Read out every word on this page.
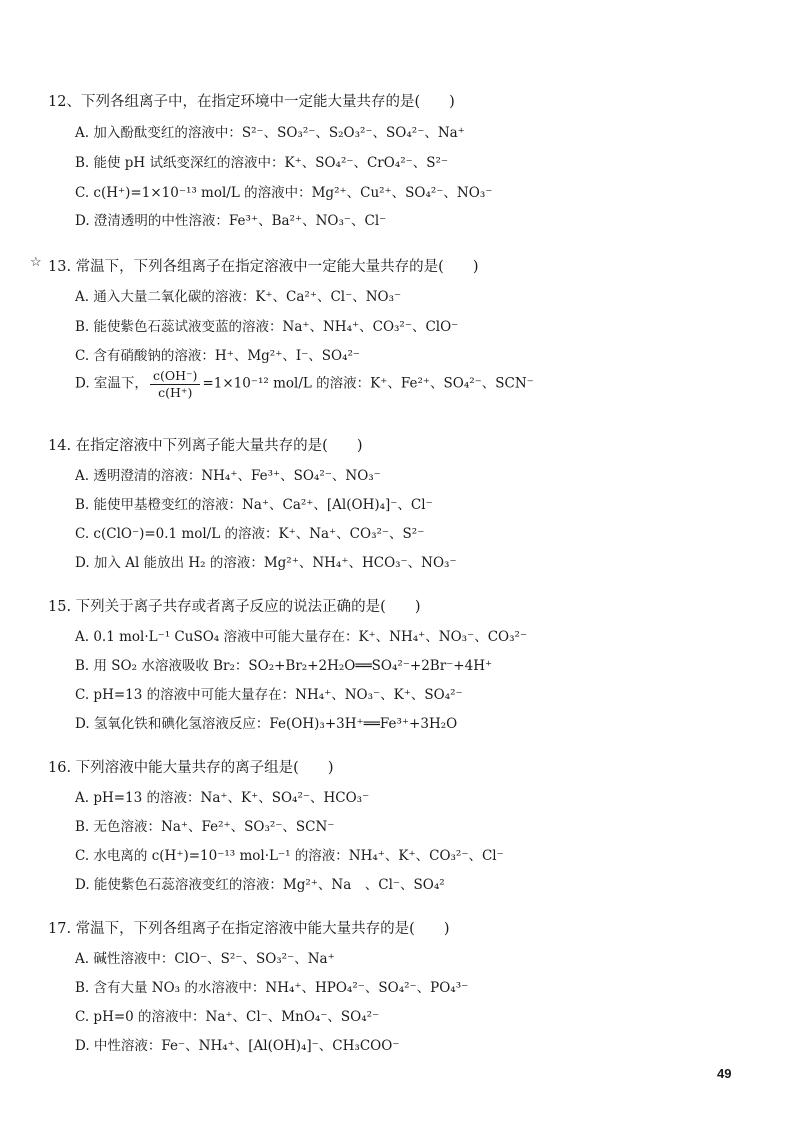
12、下列各组离子中，在指定环境中一定能大量共存的是(　　)
A. 加入酚酞变红的溶液中：S²⁻、SO₃²⁻、S₂O₃²⁻、SO₄²⁻、Na⁺
B. 能使 pH 试纸变深红的溶液中：K⁺、SO₄²⁻、CrO₄²⁻、S²⁻
C. c(H⁺)=1×10⁻¹³ mol/L 的溶液中：Mg²⁺、Cu²⁺、SO₄²⁻、NO₃⁻
D. 澄清透明的中性溶液：Fe³⁺、Ba²⁺、NO₃⁻、Cl⁻
☆ 13. 常温下，下列各组离子在指定溶液中一定能大量共存的是(　　)
A. 通入大量二氧化碳的溶液：K⁺、Ca²⁺、Cl⁻、NO₃⁻
B. 能使紫色石蕊试液变蓝的溶液：Na⁺、NH₄⁺、CO₃²⁻、ClO⁻
C. 含有硝酸钠的溶液：H⁺、Mg²⁺、I⁻、SO₄²⁻
D. 室温下， $\frac{c(OH^-)}{c(H^+)} =1\times 10^{-12}$ mol/L 的溶液：K⁺、Fe²⁺、SO₄²⁻、SCN⁻
14. 在指定溶液中下列离子能大量共存的是(　　)
A. 透明澄清的溶液：NH₄⁺、Fe³⁺、SO₄²⁻、NO₃⁻
B. 能使甲基橙变红的溶液：Na⁺、Ca²⁺、[Al(OH)₄]⁻、Cl⁻
C. c(ClO⁻)=0.1 mol/L 的溶液：K⁺、Na⁺、CO₃²⁻、S²⁻
D. 加入 Al 能放出 H₂ 的溶液：Mg²⁺、NH₄⁺、HCO₃⁻、NO₃⁻
15. 下列关于离子共存或者离子反应的说法正确的是(　　)
A. 0.1 mol·L⁻¹ CuSO₄ 溶液中可能大量存在：K⁺、NH₄⁺、NO₃⁻、CO₃²⁻
B. 用 SO₂ 水溶液吸收 Br₂：SO₂+Br₂+2H₂O══SO₄²⁻+2Br⁻+4H⁺
C. pH=13 的溶液中可能大量存在：NH₄⁺、NO₃⁻、K⁺、SO₄²⁻
D. 氢氧化铁和碘化氢溶液反应：Fe(OH)₃+3H⁺══Fe³⁺+3H₂O
16. 下列溶液中能大量共存的离子组是(　　)
A. pH=13 的溶液：Na⁺、K⁺、SO₄²⁻、HCO₃⁻
B. 无色溶液：Na⁺、Fe²⁺、SO₃²⁻、SCN⁻
C. 水电离的 c(H⁺)=10⁻¹³ mol·L⁻¹ 的溶液：NH₄⁺、K⁺、CO₃²⁻、Cl⁻
D. 能使紫色石蕊溶液变红的溶液：Mg²⁺、Na　、Cl⁻、SO₄²
17. 常温下，下列各组离子在指定溶液中能大量共存的是(　　)
A. 碱性溶液中：ClO⁻、S²⁻、SO₃²⁻、Na⁺
B. 含有大量 NO₃ 的水溶液中：NH₄⁺、HPO₄²⁻、SO₄²⁻、PO₄³⁻
C. pH=0 的溶液中：Na⁺、Cl⁻、MnO₄⁻、SO₄²⁻
D. 中性溶液：Fe⁻、NH₄⁺、[Al(OH)₄]⁻、CH₃COO⁻
49
